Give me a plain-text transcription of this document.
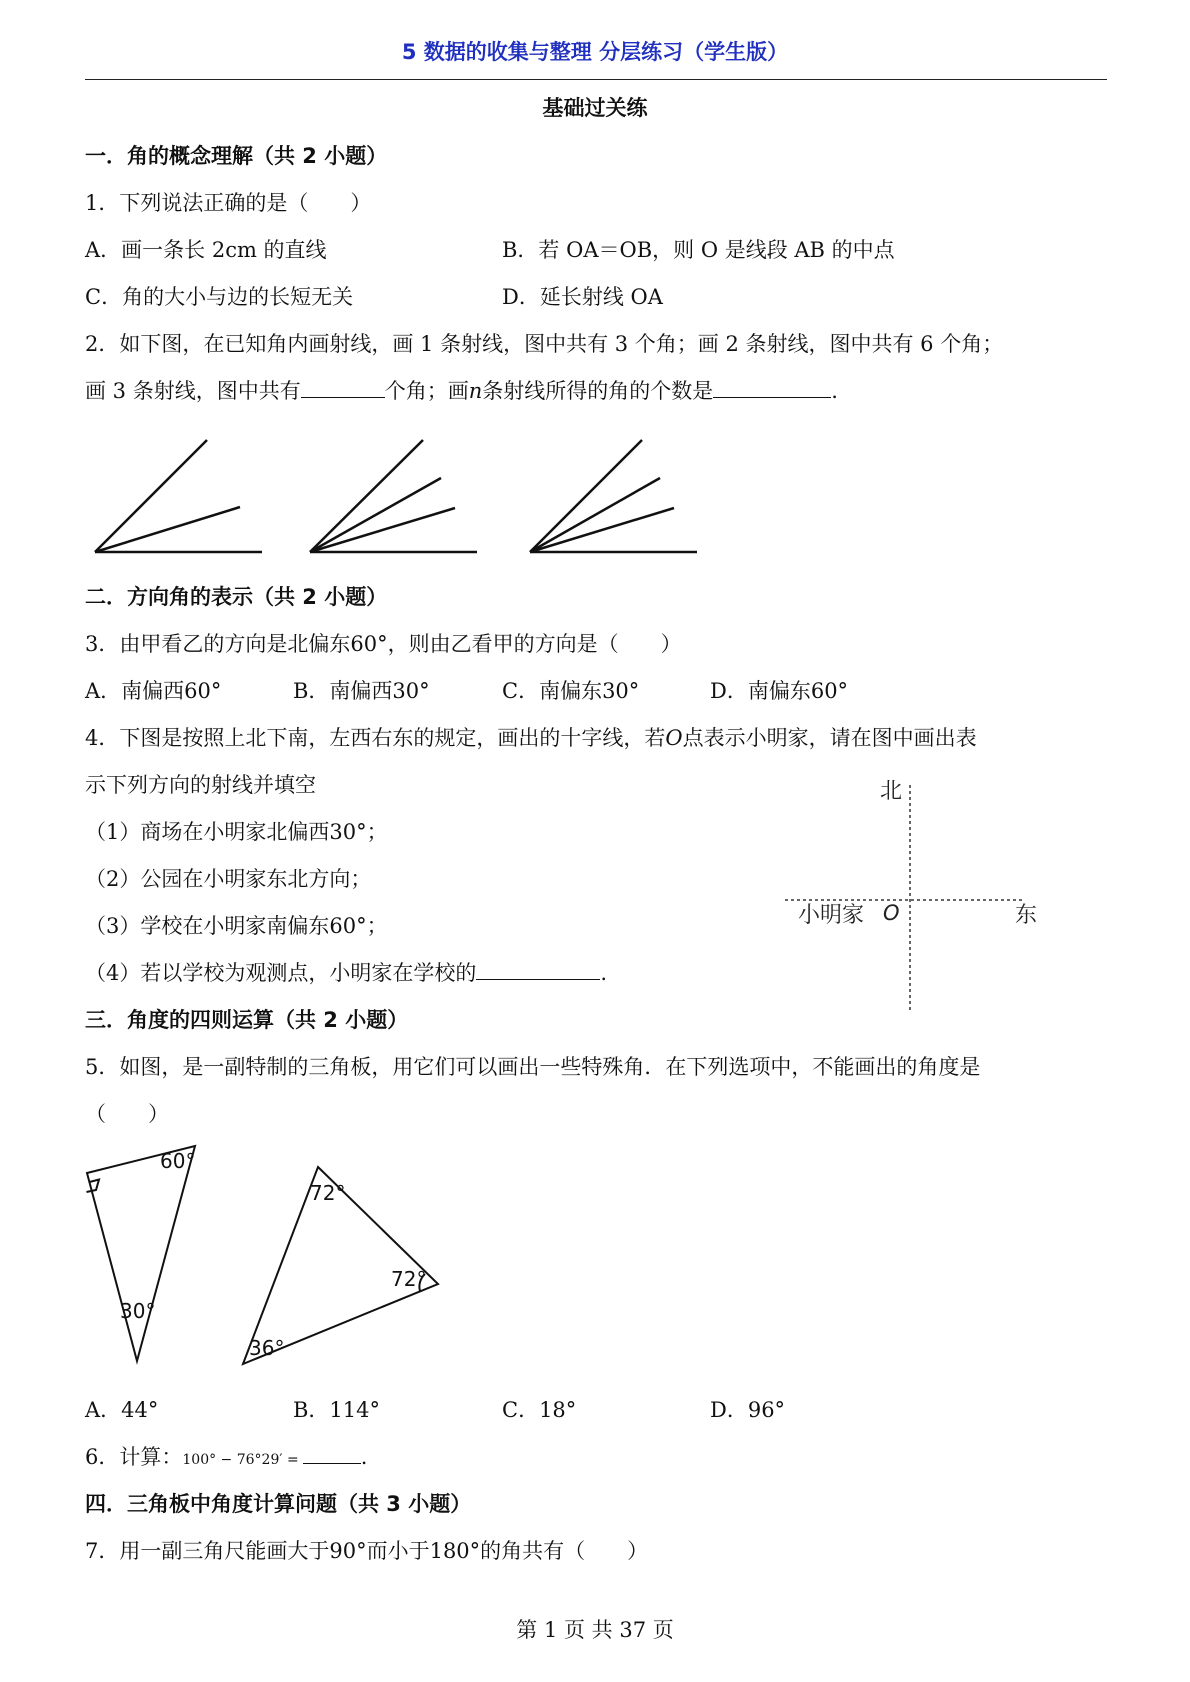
5 数据的收集与整理 分层练习（学生版）
基础过关练
一．角的概念理解（共 2 小题）
1．下列说法正确的是（　　）
A．画一条长 2cm 的直线	B．若 OA＝OB，则 O 是线段 AB 的中点
C．角的大小与边的长短无关	D．延长射线 OA
2．如下图，在已知角内画射线，画 1 条射线，图中共有 3 个角；画 2 条射线，图中共有 6 个角；
画 3 条射线，图中共有	个角；画n条射线所得的角的个数是	.
二．方向角的表示（共 2 小题）
3．由甲看乙的方向是北偏东60°，则由乙看甲的方向是（　　）
A．南偏西60°	B．南偏西30°	C．南偏东30°	D．南偏东60°
4．下图是按照上北下南，左西右东的规定，画出的十字线，若O点表示小明家，请在图中画出表
示下列方向的射线并填空
（1）商场在小明家北偏西30°；
（2）公园在小明家东北方向；
（3）学校在小明家南偏东60°；
（4）若以学校为观测点，小明家在学校的	.
北
东
小明家 O
三．角度的四则运算（共 2 小题）
5．如图，是一副特制的三角板，用它们可以画出一些特殊角．在下列选项中，不能画出的角度是
（　　）
60°
30°
72°
72°
36°
A．44°	B．114°	C．18°	D．96°
6．计算：100° − 76°29′ =	.
四．三角板中角度计算问题（共 3 小题）
7．用一副三角尺能画大于90°而小于180°的角共有（　　）
第 1 页 共 37 页
